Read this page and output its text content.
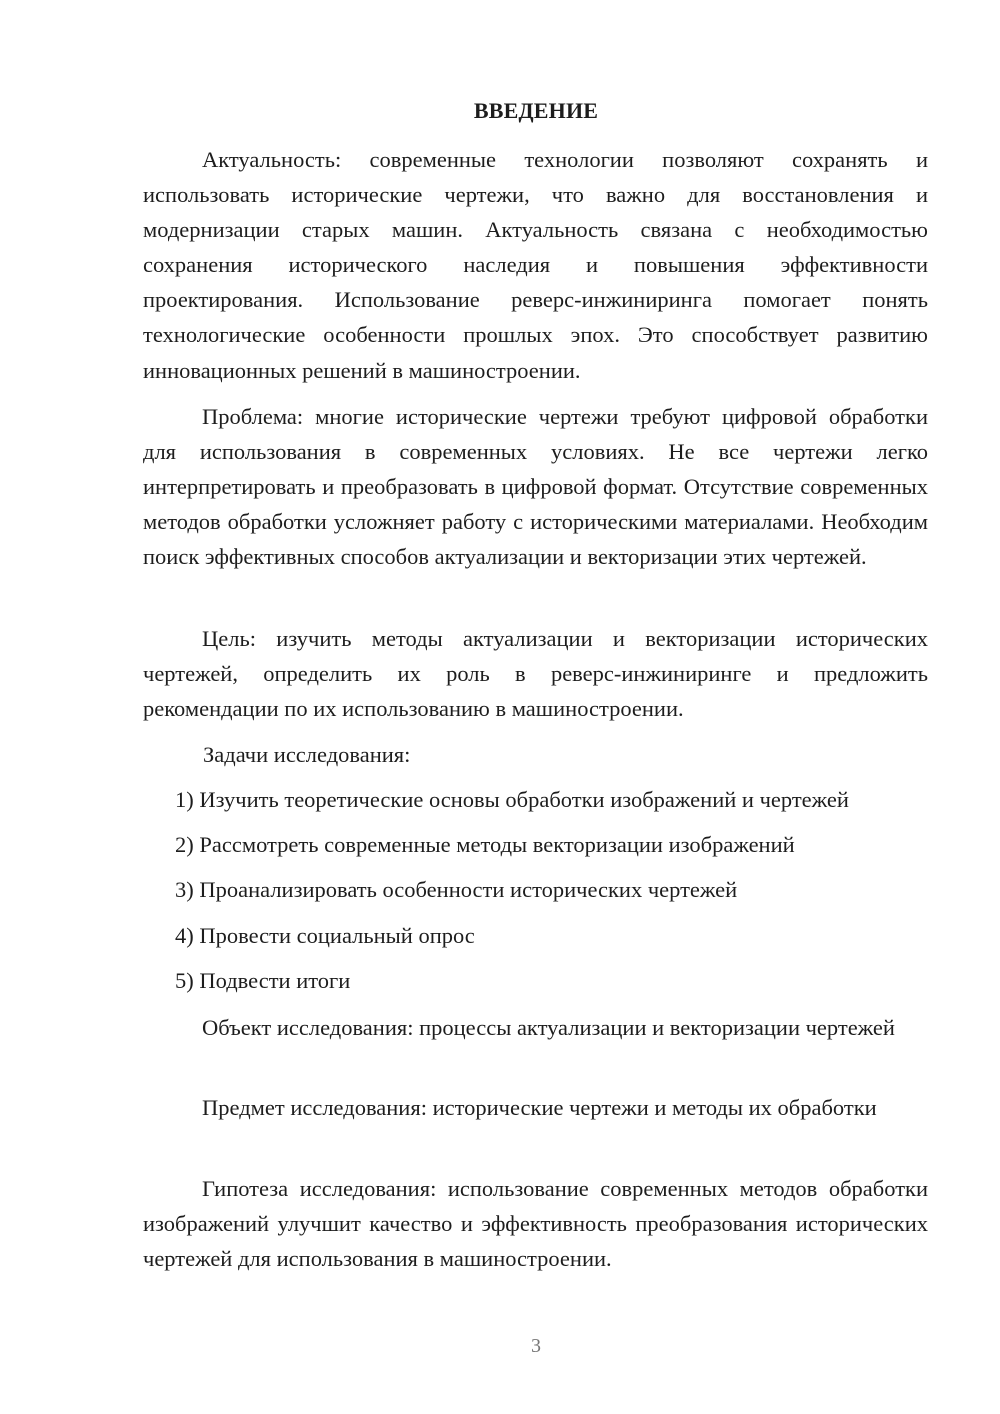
ВВЕДЕНИЕ

Актуальность: современные технологии позволяют сохранять и использовать исторические чертежи, что важно для восстановления и модернизации старых машин. Актуальность связана с необходимостью сохранения исторического наследия и повышения эффективности проектирования. Использование реверс-инжиниринга помогает понять технологические особенности прошлых эпох. Это способствует развитию инновационных решений в машиностроении.

Проблема: многие исторические чертежи требуют цифровой обработки для использования в современных условиях. Не все чертежи легко интерпретировать и преобразовать в цифровой формат. Отсутствие современных методов обработки усложняет работу с историческими материалами. Необходим поиск эффективных способов актуализации и векторизации этих чертежей.

Цель: изучить методы актуализации и векторизации исторических чертежей, определить их роль в реверс-инжиниринге и предложить рекомендации по их использованию в машиностроении.

Задачи исследования:

1) Изучить теоретические основы обработки изображений и чертежей

2) Рассмотреть современные методы векторизации изображений

3) Проанализировать особенности исторических чертежей

4) Провести социальный опрос

5) Подвести итоги

Объект исследования: процессы актуализации и векторизации чертежей

Предмет исследования: исторические чертежи и методы их обработки

Гипотеза исследования: использование современных методов обработки изображений улучшит качество и эффективность преобразования исторических чертежей для использования в машиностроении.

3
